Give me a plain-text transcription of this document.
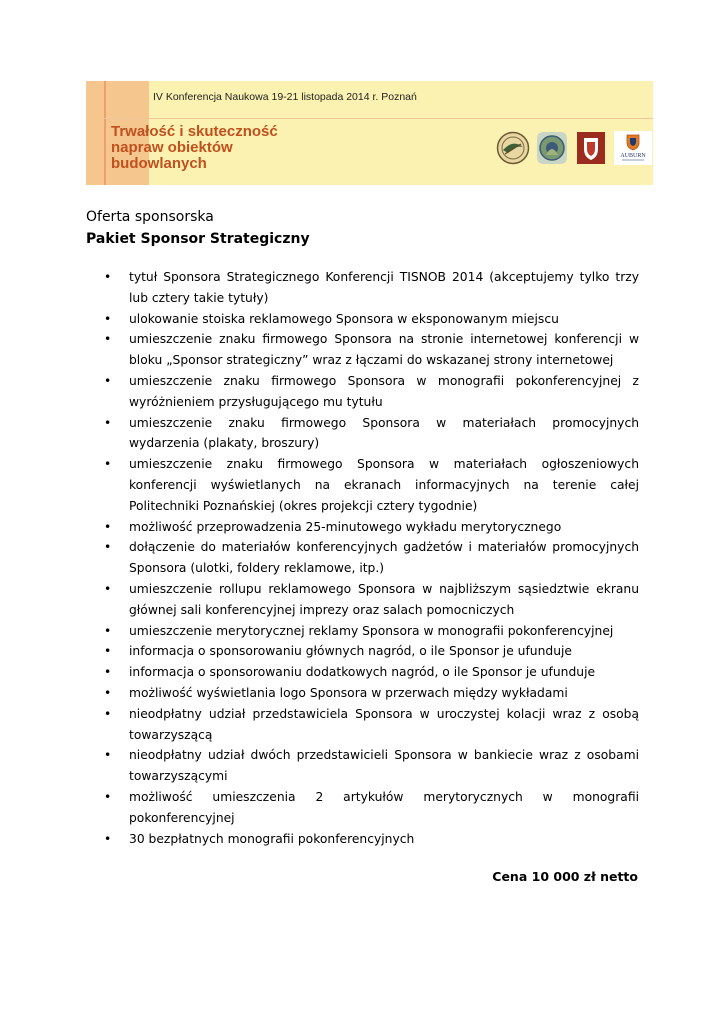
IV Konferencja Naukowa 19-21 listopada 2014 r. Poznań
Trwałość i skuteczność
napraw obiektów
budowlanych	AUBURN
Oferta sponsorska
Pakiet Sponsor Strategiczny
• tytuł Sponsora Strategicznego Konferencji TISNOB 2014 (akceptujemy tylko trzy lub cztery takie tytuły)
• ulokowanie stoiska reklamowego Sponsora w eksponowanym miejscu
• umieszczenie znaku firmowego Sponsora na stronie internetowej konferencji w bloku „Sponsor strategiczny” wraz z łączami do wskazanej strony internetowej
• umieszczenie znaku firmowego Sponsora w monografii pokonferencyjnej z wyróżnieniem przysługującego mu tytułu
• umieszczenie znaku firmowego Sponsora w materiałach promocyjnych wydarzenia (plakaty, broszury)
• umieszczenie znaku firmowego Sponsora w materiałach ogłoszeniowych konferencji wyświetlanych na ekranach informacyjnych na terenie całej Politechniki Poznańskiej (okres projekcji cztery tygodnie)
• możliwość przeprowadzenia 25-minutowego wykładu merytorycznego
• dołączenie do materiałów konferencyjnych gadżetów i materiałów promocyjnych Sponsora (ulotki, foldery reklamowe, itp.)
• umieszczenie rollupu reklamowego Sponsora w najbliższym sąsiedztwie ekranu głównej sali konferencyjnej imprezy oraz salach pomocniczych
• umieszczenie merytorycznej reklamy Sponsora w monografii pokonferencyjnej
• informacja o sponsorowaniu głównych nagród, o ile Sponsor je ufunduje
• informacja o sponsorowaniu dodatkowych nagród, o ile Sponsor je ufunduje
• możliwość wyświetlania logo Sponsora w przerwach między wykładami
• nieodpłatny udział przedstawiciela Sponsora w uroczystej kolacji wraz z osobą towarzyszącą
• nieodpłatny udział dwóch przedstawicieli Sponsora w bankiecie wraz z osobami towarzyszącymi
• możliwość umieszczenia 2 artykułów merytorycznych w monografii pokonferencyjnej
• 30 bezpłatnych monografii pokonferencyjnych
Cena 10 000 zł netto
